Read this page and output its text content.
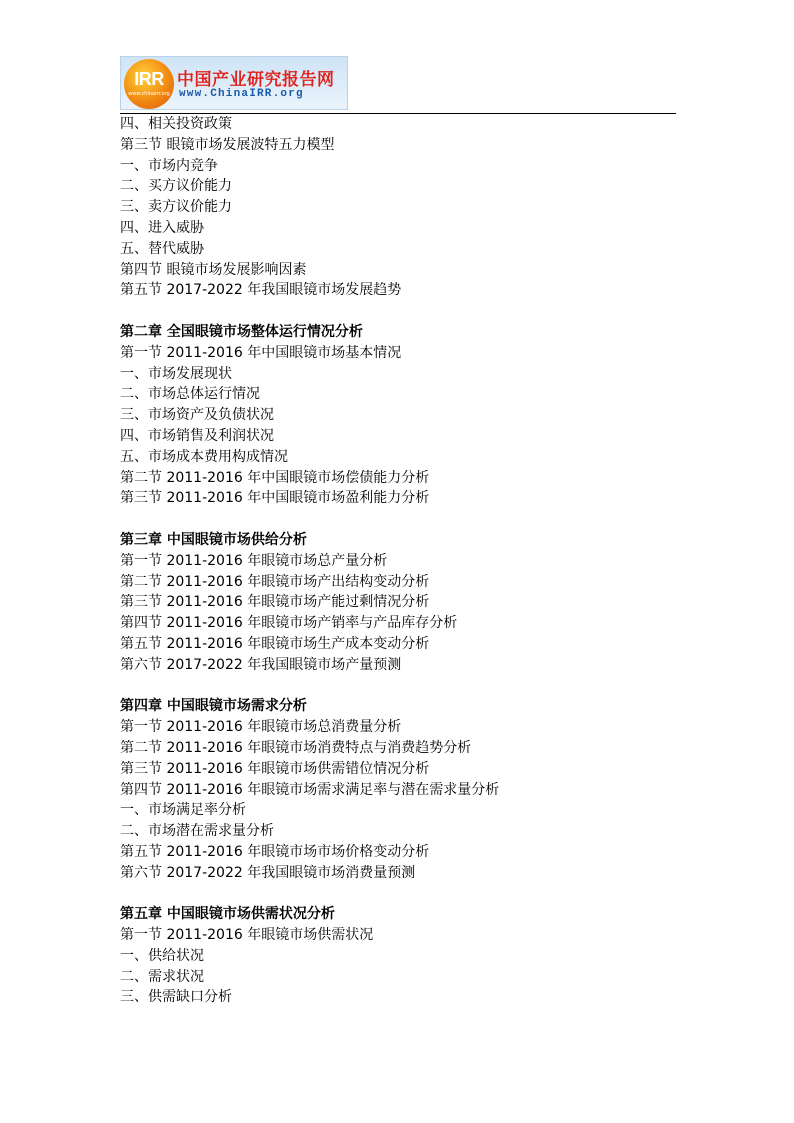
IRR
www.chinairr.org
中国产业研究报告网
www.ChinaIRR.org
四、相关投资政策
第三节 眼镜市场发展波特五力模型
一、市场内竞争
二、买方议价能力
三、卖方议价能力
四、进入威胁
五、替代威胁
第四节 眼镜市场发展影响因素
第五节 2017-2022 年我国眼镜市场发展趋势
第二章 全国眼镜市场整体运行情况分析
第一节 2011-2016 年中国眼镜市场基本情况
一、市场发展现状
二、市场总体运行情况
三、市场资产及负债状况
四、市场销售及利润状况
五、市场成本费用构成情况
第二节 2011-2016 年中国眼镜市场偿债能力分析
第三节 2011-2016 年中国眼镜市场盈利能力分析
第三章 中国眼镜市场供给分析
第一节 2011-2016 年眼镜市场总产量分析
第二节 2011-2016 年眼镜市场产出结构变动分析
第三节 2011-2016 年眼镜市场产能过剩情况分析
第四节 2011-2016 年眼镜市场产销率与产品库存分析
第五节 2011-2016 年眼镜市场生产成本变动分析
第六节 2017-2022 年我国眼镜市场产量预测
第四章 中国眼镜市场需求分析
第一节 2011-2016 年眼镜市场总消费量分析
第二节 2011-2016 年眼镜市场消费特点与消费趋势分析
第三节 2011-2016 年眼镜市场供需错位情况分析
第四节 2011-2016 年眼镜市场需求满足率与潜在需求量分析
一、市场满足率分析
二、市场潜在需求量分析
第五节 2011-2016 年眼镜市场市场价格变动分析
第六节 2017-2022 年我国眼镜市场消费量预测
第五章 中国眼镜市场供需状况分析
第一节 2011-2016 年眼镜市场供需状况
一、供给状况
二、需求状况
三、供需缺口分析
